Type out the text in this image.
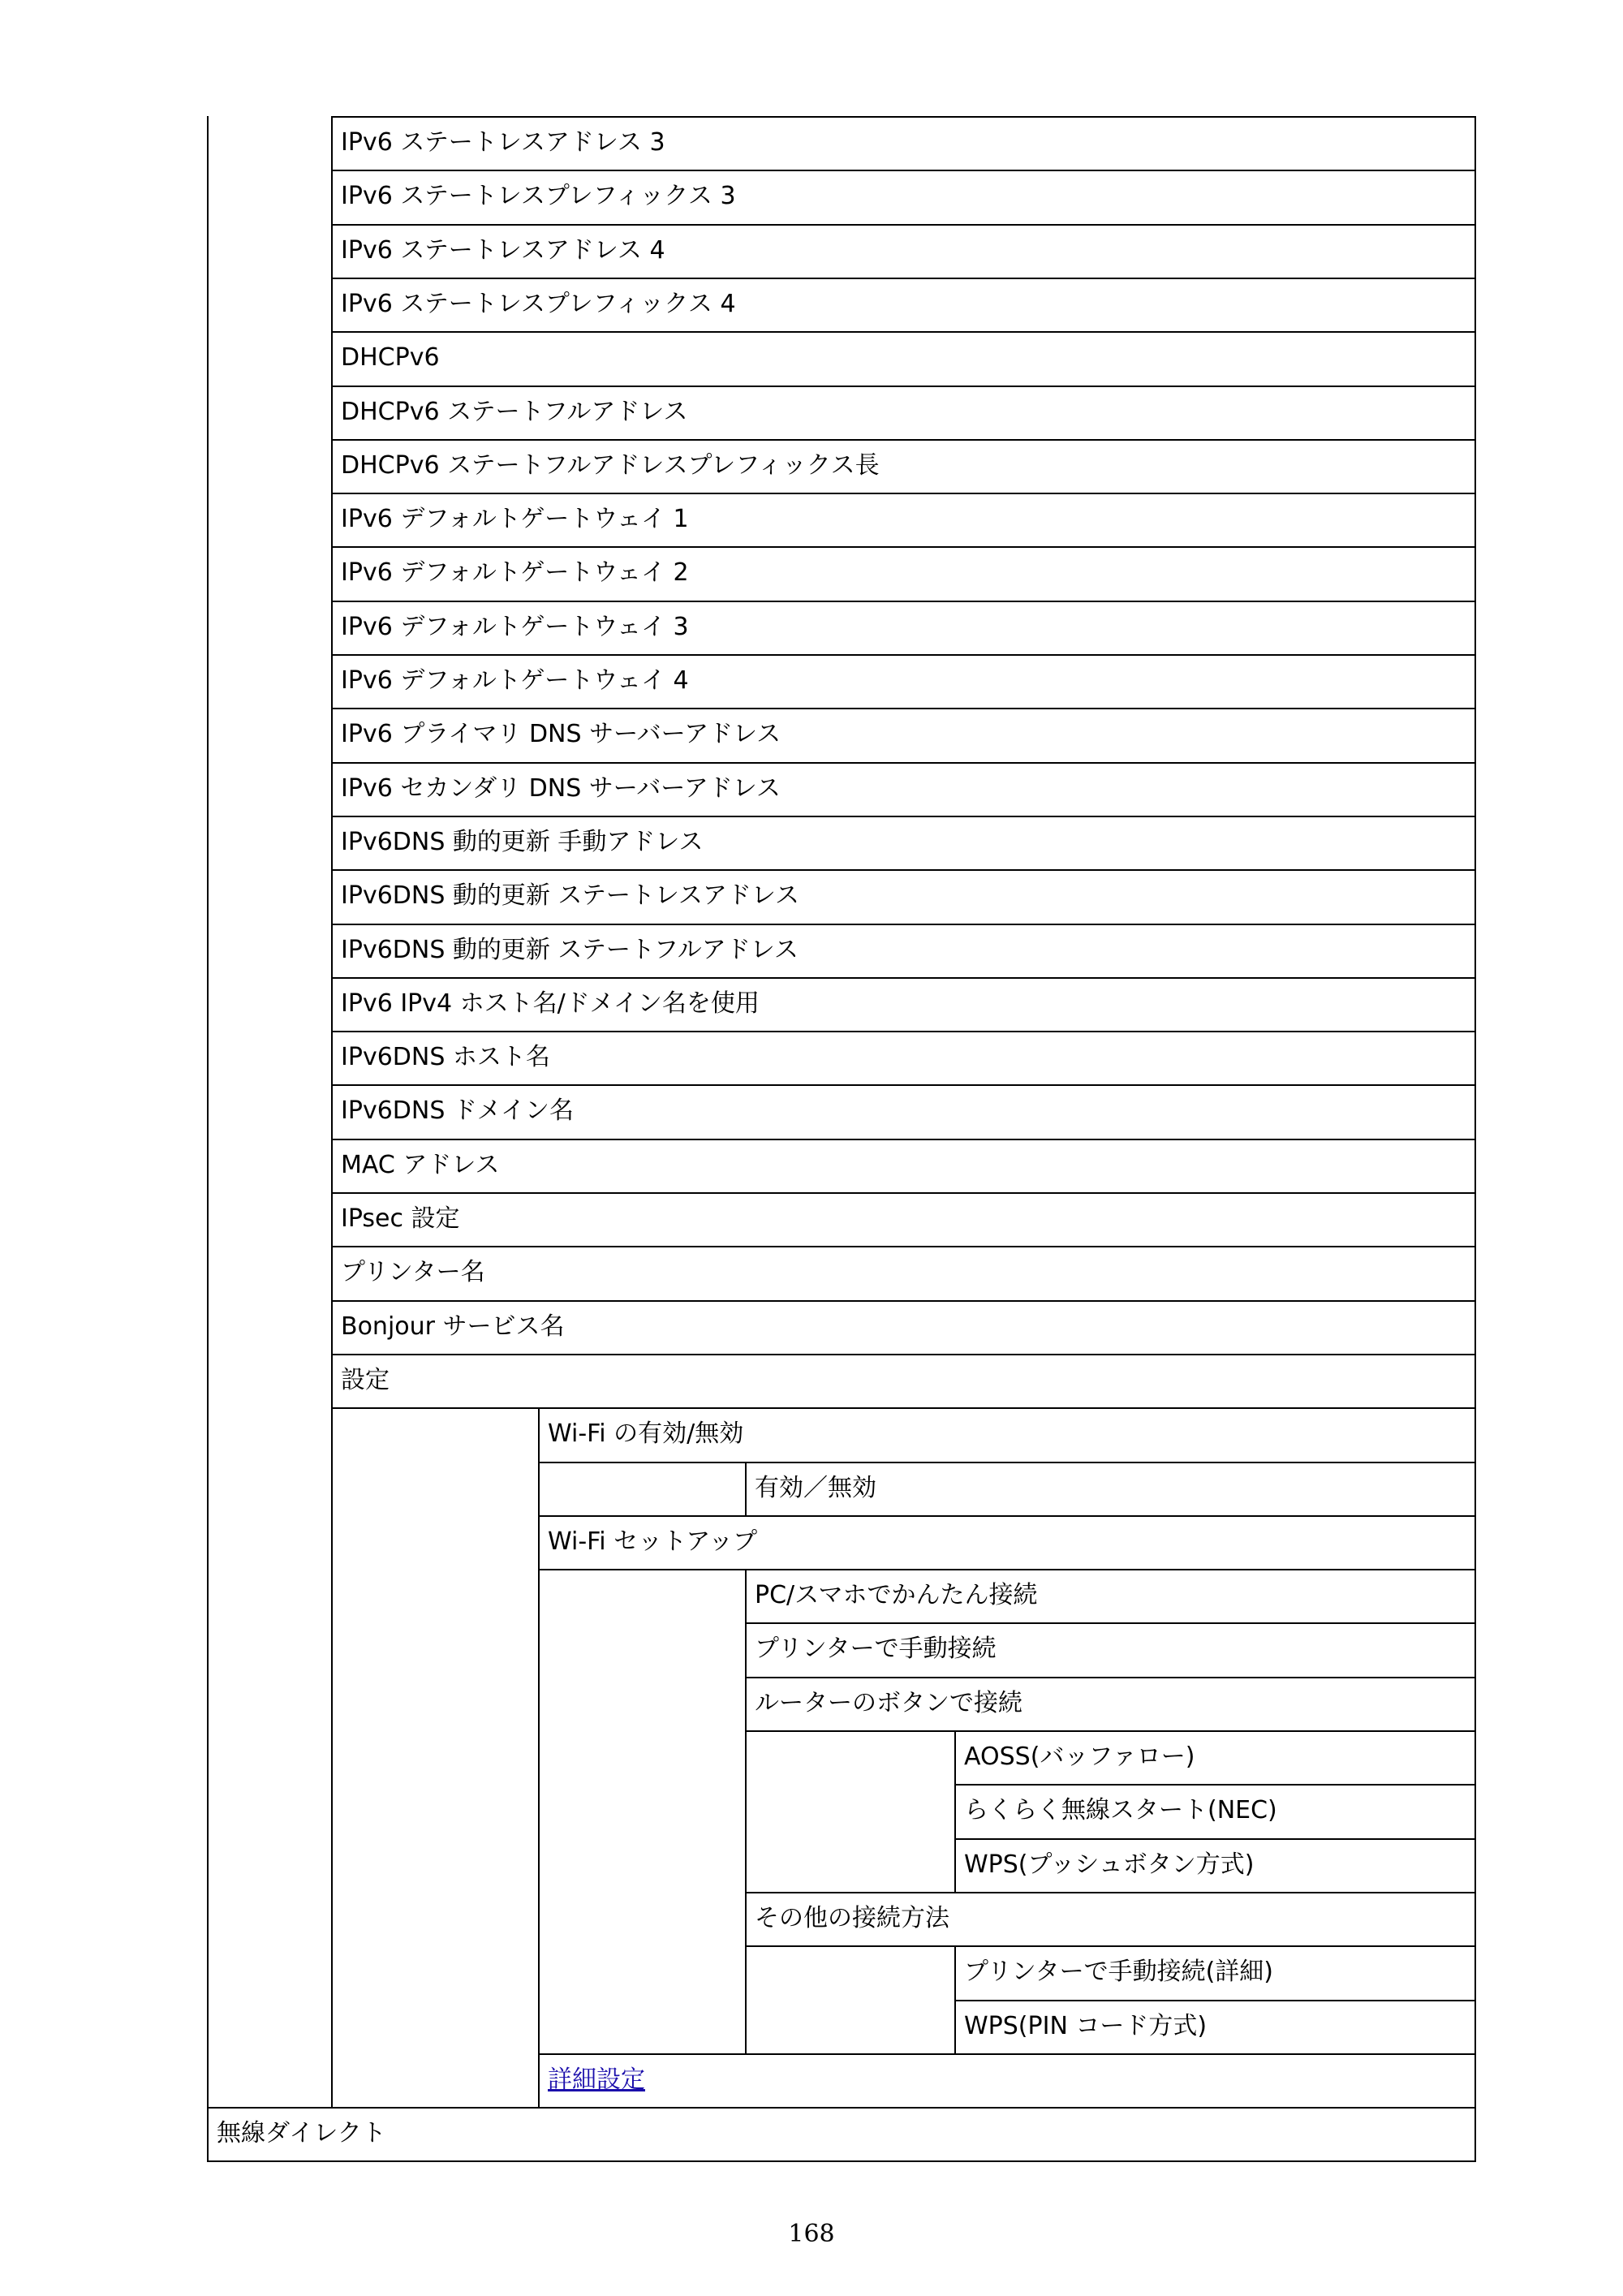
IPv6 ステートレスアドレス 3
IPv6 ステートレスプレフィックス 3
IPv6 ステートレスアドレス 4
IPv6 ステートレスプレフィックス 4
DHCPv6
DHCPv6 ステートフルアドレス
DHCPv6 ステートフルアドレスプレフィックス長
IPv6 デフォルトゲートウェイ 1
IPv6 デフォルトゲートウェイ 2
IPv6 デフォルトゲートウェイ 3
IPv6 デフォルトゲートウェイ 4
IPv6 プライマリ DNS サーバーアドレス
IPv6 セカンダリ DNS サーバーアドレス
IPv6DNS 動的更新 手動アドレス
IPv6DNS 動的更新 ステートレスアドレス
IPv6DNS 動的更新 ステートフルアドレス
IPv6 IPv4 ホスト名/ドメイン名を使用
IPv6DNS ホスト名
IPv6DNS ドメイン名
MAC アドレス
IPsec 設定
プリンター名
Bonjour サービス名
設定
Wi-Fi の有効/無効
有効／無効
Wi-Fi セットアップ
PC/スマホでかんたん接続
プリンターで手動接続
ルーターのボタンで接続
AOSS(バッファロー)
らくらく無線スタート(NEC)
WPS(プッシュボタン方式)
その他の接続方法
プリンターで手動接続(詳細)
WPS(PIN コード方式)
詳細設定
無線ダイレクト
168
